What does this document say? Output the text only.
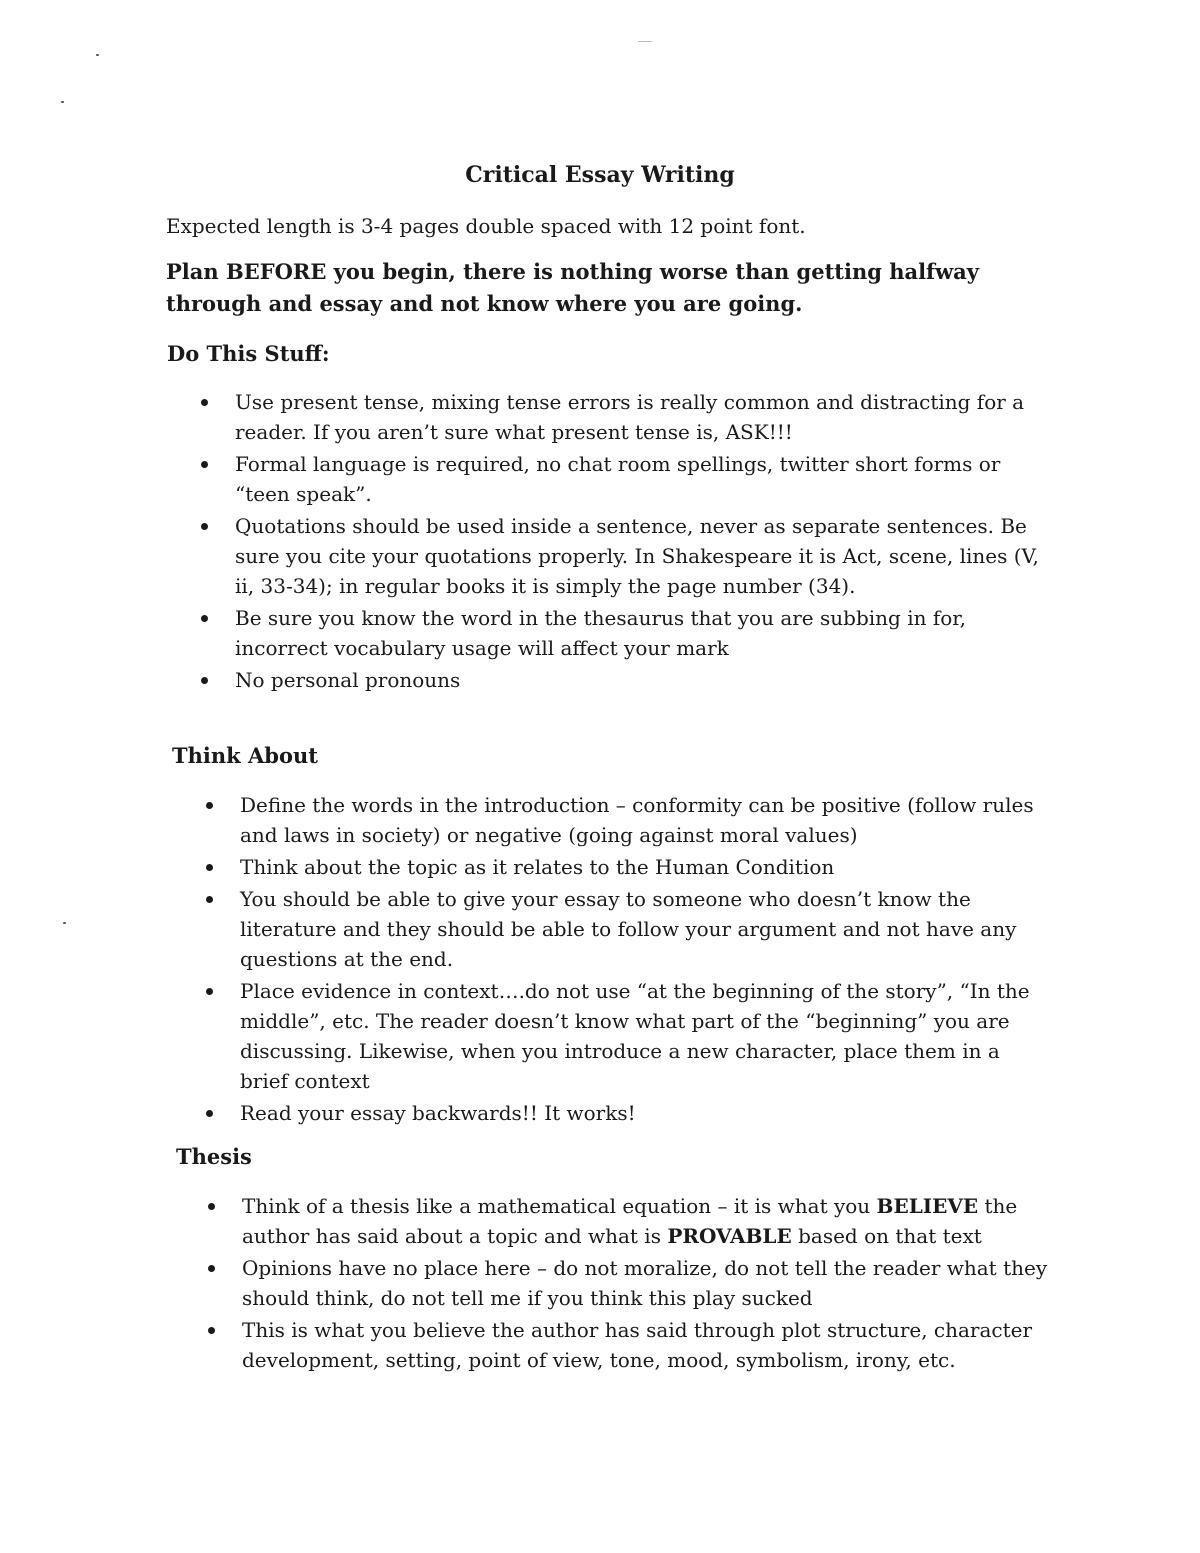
Critical Essay Writing
Expected length is 3-4 pages double spaced with 12 point font.
Plan BEFORE you begin, there is nothing worse than getting halfway through and essay and not know where you are going.
Do This Stuff:
Use present tense, mixing tense errors is really common and distracting for a reader. If you aren’t sure what present tense is, ASK!!!
Formal language is required, no chat room spellings, twitter short forms or “teen speak”.
Quotations should be used inside a sentence, never as separate sentences. Be sure you cite your quotations properly. In Shakespeare it is Act, scene, lines (V, ii, 33-34); in regular books it is simply the page number (34).
Be sure you know the word in the thesaurus that you are subbing in for, incorrect vocabulary usage will affect your mark
No personal pronouns
Think About
Define the words in the introduction – conformity can be positive (follow rules and laws in society) or negative (going against moral values)
Think about the topic as it relates to the Human Condition
You should be able to give your essay to someone who doesn’t know the literature and they should be able to follow your argument and not have any questions at the end.
Place evidence in context….do not use “at the beginning of the story”, “In the middle”, etc. The reader doesn’t know what part of the “beginning” you are discussing. Likewise, when you introduce a new character, place them in a brief context
Read your essay backwards!! It works!
Thesis
Think of a thesis like a mathematical equation – it is what you BELIEVE the author has said about a topic and what is PROVABLE based on that text
Opinions have no place here – do not moralize, do not tell the reader what they should think, do not tell me if you think this play sucked
This is what you believe the author has said through plot structure, character development, setting, point of view, tone, mood, symbolism, irony, etc.
